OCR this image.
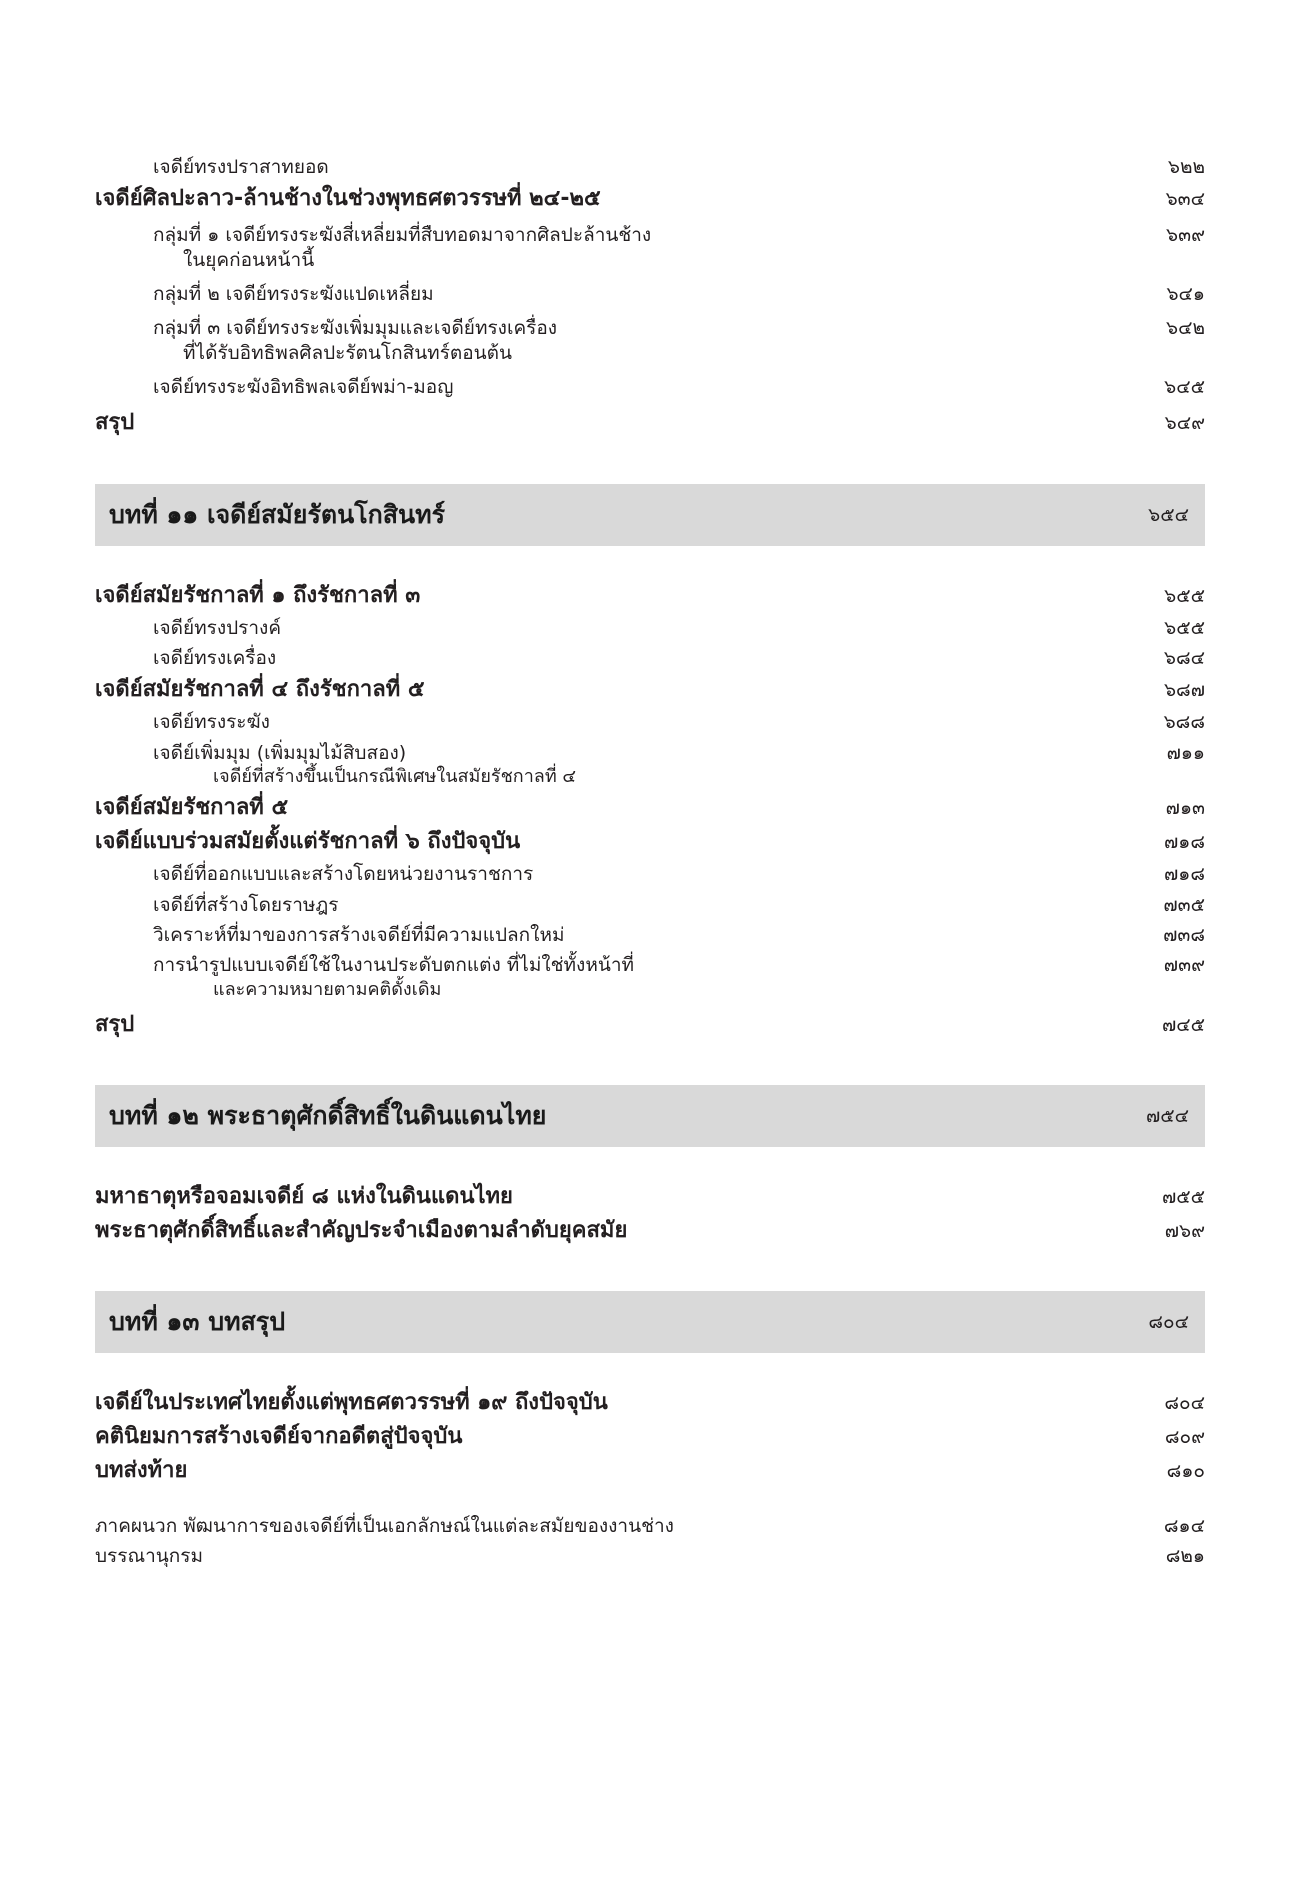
เจดีย์ทรงปราสาทยอด	๖๒๒
เจดีย์ศิลปะลาว-ล้านช้างในช่วงพุทธศตวรรษที่ ๒๔-๒๕	๖๓๔
กลุ่มที่ ๑ เจดีย์ทรงระฆังสี่เหลี่ยมที่สืบทอดมาจากศิลปะล้านช้าง	๖๓๙
ในยุคก่อนหน้านี้
กลุ่มที่ ๒ เจดีย์ทรงระฆังแปดเหลี่ยม	๖๔๑
กลุ่มที่ ๓ เจดีย์ทรงระฆังเพิ่มมุมและเจดีย์ทรงเครื่อง	๖๔๒
ที่ได้รับอิทธิพลศิลปะรัตนโกสินทร์ตอนต้น
เจดีย์ทรงระฆังอิทธิพลเจดีย์พม่า-มอญ	๖๔๕
สรุป	๖๔๙
บทที่ ๑๑ เจดีย์สมัยรัตนโกสินทร์	๖๕๔
เจดีย์สมัยรัชกาลที่ ๑ ถึงรัชกาลที่ ๓	๖๕๕
เจดีย์ทรงปรางค์	๖๕๕
เจดีย์ทรงเครื่อง	๖๘๔
เจดีย์สมัยรัชกาลที่ ๔ ถึงรัชกาลที่ ๕	๖๘๗
เจดีย์ทรงระฆัง	๖๘๘
เจดีย์เพิ่มมุม (เพิ่มมุมไม้สิบสอง)	๗๑๑
เจดีย์ที่สร้างขึ้นเป็นกรณีพิเศษในสมัยรัชกาลที่ ๔
เจดีย์สมัยรัชกาลที่ ๕	๗๑๓
เจดีย์แบบร่วมสมัยตั้งแต่รัชกาลที่ ๖ ถึงปัจจุบัน	๗๑๘
เจดีย์ที่ออกแบบและสร้างโดยหน่วยงานราชการ	๗๑๘
เจดีย์ที่สร้างโดยราษฎร	๗๓๕
วิเคราะห์ที่มาของการสร้างเจดีย์ที่มีความแปลกใหม่	๗๓๘
การนำรูปแบบเจดีย์ใช้ในงานประดับตกแต่ง ที่ไม่ใช่ทั้งหน้าที่	๗๓๙
และความหมายตามคติดั้งเดิม
สรุป	๗๔๕
บทที่ ๑๒ พระธาตุศักดิ์สิทธิ์ในดินแดนไทย	๗๕๔
มหาธาตุหรือจอมเจดีย์ ๘ แห่งในดินแดนไทย	๗๕๕
พระธาตุศักดิ์สิทธิ์และสำคัญประจำเมืองตามลำดับยุคสมัย	๗๖๙
บทที่ ๑๓ บทสรุป	๘๐๔
เจดีย์ในประเทศไทยตั้งแต่พุทธศตวรรษที่ ๑๙ ถึงปัจจุบัน	๘๐๔
คตินิยมการสร้างเจดีย์จากอดีตสู่ปัจจุบัน	๘๐๙
บทส่งท้าย	๘๑๐
ภาคผนวก พัฒนาการของเจดีย์ที่เป็นเอกลักษณ์ในแต่ละสมัยของงานช่าง	๘๑๔
บรรณานุกรม	๘๒๑
